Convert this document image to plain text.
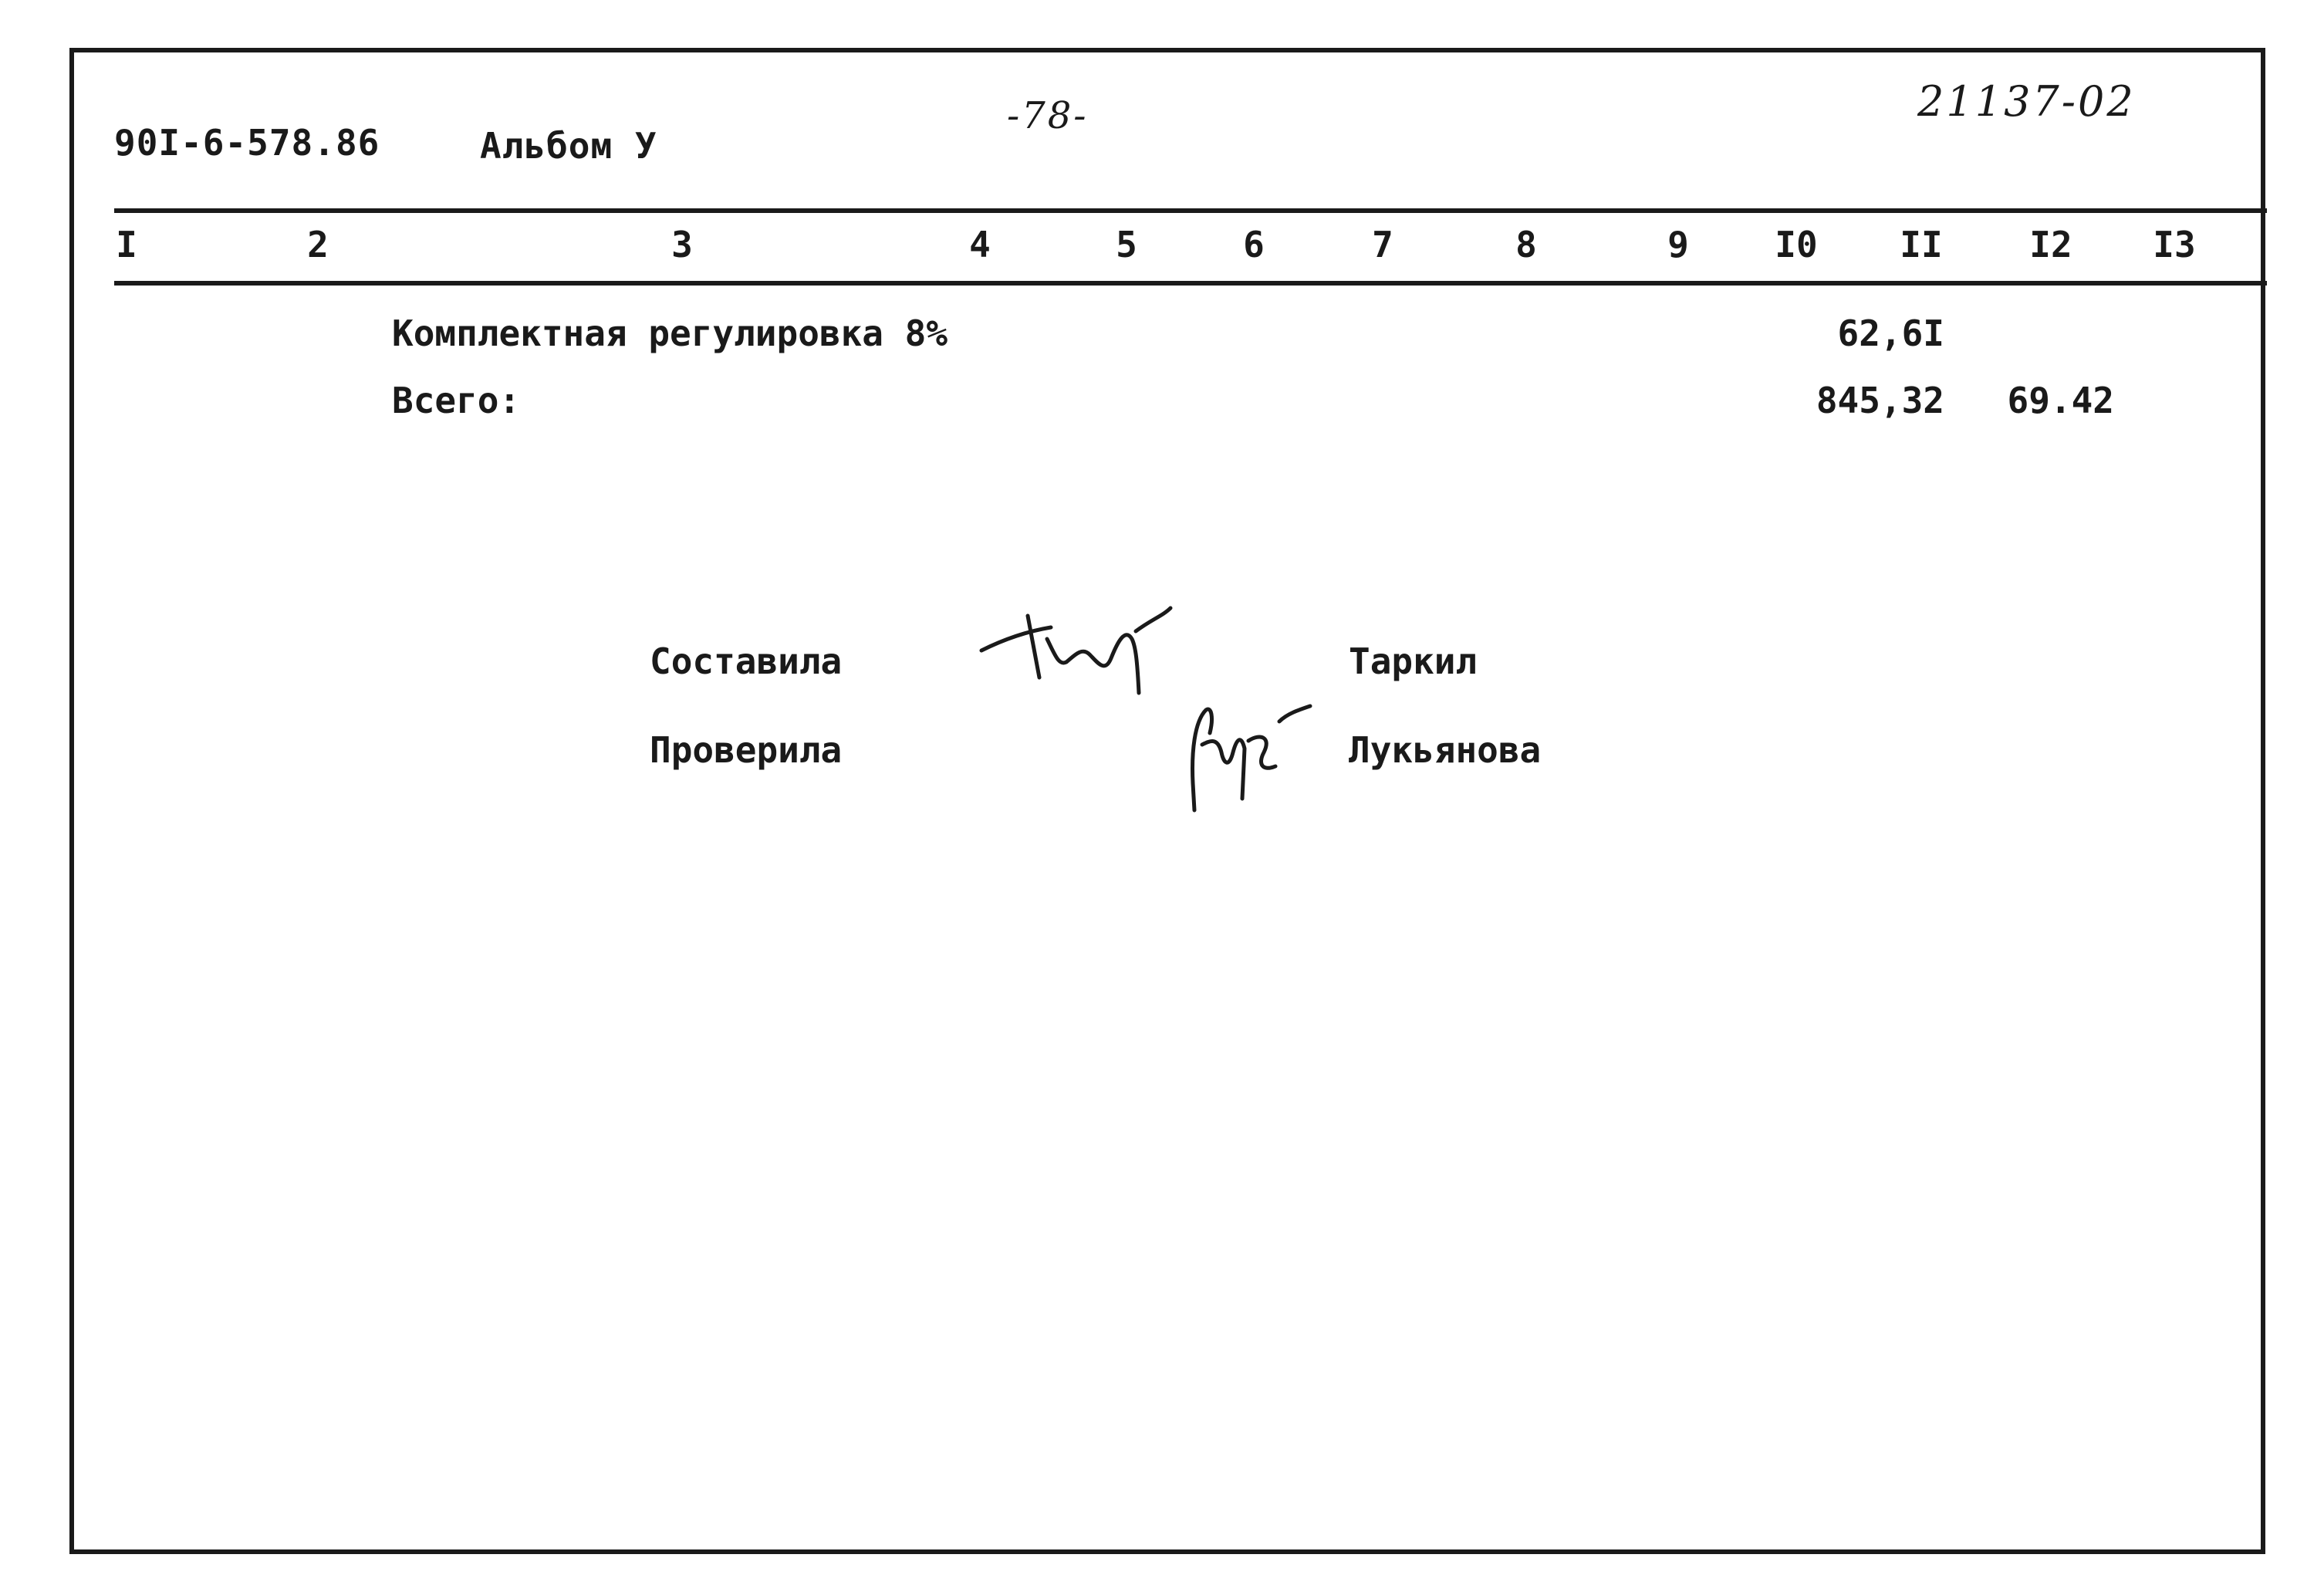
90I-6-578.86	Альбом У
-78-	21137-02
I	2	3	4	5	6	7	8	9 I0 II I2 I3
Комплектная регулировка 8%	62,6I
Всего:	845,32 69.42
Составила	Таркил
Проверила	Лукьянова
